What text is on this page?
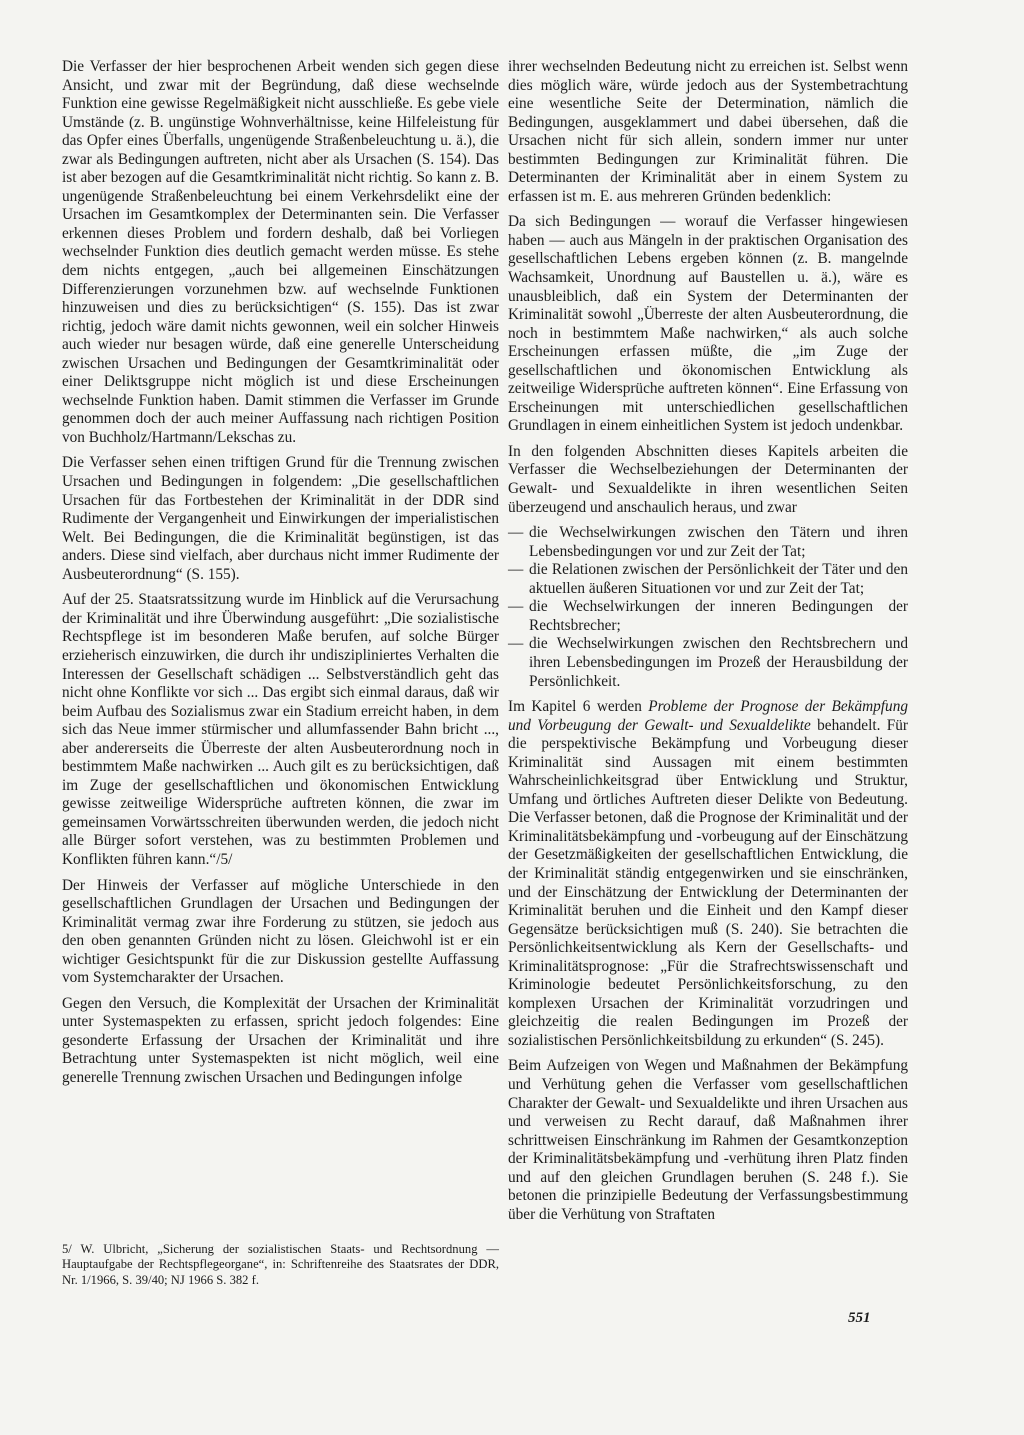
Die Verfasser der hier besprochenen Arbeit wenden sich gegen diese Ansicht, und zwar mit der Begründung, daß diese wechselnde Funktion eine gewisse Regelmäßigkeit nicht ausschließe. Es gebe viele Umstände (z. B. ungünstige Wohnverhältnisse, keine Hilfeleistung für das Opfer eines Überfalls, ungenügende Straßenbeleuchtung u. ä.), die zwar als Bedingungen auftreten, nicht aber als Ursachen (S. 154). Das ist aber bezogen auf die Gesamtkriminalität nicht richtig. So kann z. B. ungenügende Straßenbeleuchtung bei einem Verkehrsdelikt eine der Ursachen im Gesamtkomplex der Determinanten sein. Die Verfasser erkennen dieses Problem und fordern deshalb, daß bei Vorliegen wechselnder Funktion dies deutlich gemacht werden müsse. Es stehe dem nichts entgegen, „auch bei allgemeinen Einschätzungen Differenzierungen vorzunehmen bzw. auf wechselnde Funktionen hinzuweisen und dies zu berücksichtigen“ (S. 155). Das ist zwar richtig, jedoch wäre damit nichts gewonnen, weil ein solcher Hinweis auch wieder nur besagen würde, daß eine generelle Unterscheidung zwischen Ursachen und Bedingungen der Gesamtkriminalität oder einer Deliktsgruppe nicht möglich ist und diese Erscheinungen wechselnde Funktion haben. Damit stimmen die Verfasser im Grunde genommen doch der auch meiner Auffassung nach richtigen Position von Buchholz/Hartmann/Lekschas zu.

Die Verfasser sehen einen triftigen Grund für die Trennung zwischen Ursachen und Bedingungen in folgendem: „Die gesellschaftlichen Ursachen für das Fortbestehen der Kriminalität in der DDR sind Rudimente der Vergangenheit und Einwirkungen der imperialistischen Welt. Bei Bedingungen, die die Kriminalität begünstigen, ist das anders. Diese sind vielfach, aber durchaus nicht immer Rudimente der Ausbeuterordnung“ (S. 155).

Auf der 25. Staatsratssitzung wurde im Hinblick auf die Verursachung der Kriminalität und ihre Überwindung ausgeführt: „Die sozialistische Rechtspflege ist im besonderen Maße berufen, auf solche Bürger erzieherisch einzuwirken, die durch ihr undiszipliniertes Verhalten die Interessen der Gesellschaft schädigen ... Selbstverständlich geht das nicht ohne Konflikte vor sich ... Das ergibt sich einmal daraus, daß wir beim Aufbau des Sozialismus zwar ein Stadium erreicht haben, in dem sich das Neue immer stürmischer und allumfassender Bahn bricht ..., aber andererseits die Überreste der alten Ausbeuterordnung noch in bestimmtem Maße nachwirken ... Auch gilt es zu berücksichtigen, daß im Zuge der gesellschaftlichen und ökonomischen Entwicklung gewisse zeitweilige Widersprüche auftreten können, die zwar im gemeinsamen Vorwärtsschreiten überwunden werden, die jedoch nicht alle Bürger sofort verstehen, was zu bestimmten Problemen und Konflikten führen kann.“/5/

Der Hinweis der Verfasser auf mögliche Unterschiede in den gesellschaftlichen Grundlagen der Ursachen und Bedingungen der Kriminalität vermag zwar ihre Forderung zu stützen, sie jedoch aus den oben genannten Gründen nicht zu lösen. Gleichwohl ist er ein wichtiger Gesichtspunkt für die zur Diskussion gestellte Auffassung vom Systemcharakter der Ursachen.

Gegen den Versuch, die Komplexität der Ursachen der Kriminalität unter Systemaspekten zu erfassen, spricht jedoch folgendes: Eine gesonderte Erfassung der Ursachen der Kriminalität und ihre Betrachtung unter Systemaspekten ist nicht möglich, weil eine generelle Trennung zwischen Ursachen und Bedingungen infolge

5/ W. Ulbricht, „Sicherung der sozialistischen Staats- und Rechtsordnung — Hauptaufgabe der Rechtspflegeorgane“, in: Schriftenreihe des Staatsrates der DDR, Nr. 1/1966, S. 39/40; NJ 1966 S. 382 f.

ihrer wechselnden Bedeutung nicht zu erreichen ist. Selbst wenn dies möglich wäre, würde jedoch aus der Systembetrachtung eine wesentliche Seite der Determination, nämlich die Bedingungen, ausgeklammert und dabei übersehen, daß die Ursachen nicht für sich allein, sondern immer nur unter bestimmten Bedingungen zur Kriminalität führen. Die Determinanten der Kriminalität aber in einem System zu erfassen ist m. E. aus mehreren Gründen bedenklich:

Da sich Bedingungen — worauf die Verfasser hingewiesen haben — auch aus Mängeln in der praktischen Organisation des gesellschaftlichen Lebens ergeben können (z. B. mangelnde Wachsamkeit, Unordnung auf Baustellen u. ä.), wäre es unausbleiblich, daß ein System der Determinanten der Kriminalität sowohl „Überreste der alten Ausbeuterordnung, die noch in bestimmtem Maße nachwirken,“ als auch solche Erscheinungen erfassen müßte, die „im Zuge der gesellschaftlichen und ökonomischen Entwicklung als zeitweilige Widersprüche auftreten können“. Eine Erfassung von Erscheinungen mit unterschiedlichen gesellschaftlichen Grundlagen in einem einheitlichen System ist jedoch undenkbar.

In den folgenden Abschnitten dieses Kapitels arbeiten die Verfasser die Wechselbeziehungen der Determinanten der Gewalt- und Sexualdelikte in ihren wesentlichen Seiten überzeugend und anschaulich heraus, und zwar

— die Wechselwirkungen zwischen den Tätern und ihren Lebensbedingungen vor und zur Zeit der Tat;
— die Relationen zwischen der Persönlichkeit der Täter und den aktuellen äußeren Situationen vor und zur Zeit der Tat;
— die Wechselwirkungen der inneren Bedingungen der Rechtsbrecher;
— die Wechselwirkungen zwischen den Rechtsbrechern und ihren Lebensbedingungen im Prozeß der Herausbildung der Persönlichkeit.

Im Kapitel 6 werden Probleme der Prognose der Bekämpfung und Vorbeugung der Gewalt- und Sexualdelikte behandelt. Für die perspektivische Bekämpfung und Vorbeugung dieser Kriminalität sind Aussagen mit einem bestimmten Wahrscheinlichkeitsgrad über Entwicklung und Struktur, Umfang und örtliches Auftreten dieser Delikte von Bedeutung. Die Verfasser betonen, daß die Prognose der Kriminalität und der Kriminalitätsbekämpfung und -vorbeugung auf der Einschätzung der Gesetzmäßigkeiten der gesellschaftlichen Entwicklung, die der Kriminalität ständig entgegenwirken und sie einschränken, und der Einschätzung der Entwicklung der Determinanten der Kriminalität beruhen und die Einheit und den Kampf dieser Gegensätze berücksichtigen muß (S. 240). Sie betrachten die Persönlichkeitsentwicklung als Kern der Gesellschafts- und Kriminalitätsprognose: „Für die Strafrechtswissenschaft und Kriminologie bedeutet Persönlichkeitsforschung, zu den komplexen Ursachen der Kriminalität vorzudringen und gleichzeitig die realen Bedingungen im Prozeß der sozialistischen Persönlichkeitsbildung zu erkunden“ (S. 245).

Beim Aufzeigen von Wegen und Maßnahmen der Bekämpfung und Verhütung gehen die Verfasser vom gesellschaftlichen Charakter der Gewalt- und Sexualdelikte und ihren Ursachen aus und verweisen zu Recht darauf, daß Maßnahmen ihrer schrittweisen Einschränkung im Rahmen der Gesamtkonzeption der Kriminalitätsbekämpfung und -verhütung ihren Platz finden und auf den gleichen Grundlagen beruhen (S. 248 f.). Sie betonen die prinzipielle Bedeutung der Verfassungsbestimmung über die Verhütung von Straftaten

551
